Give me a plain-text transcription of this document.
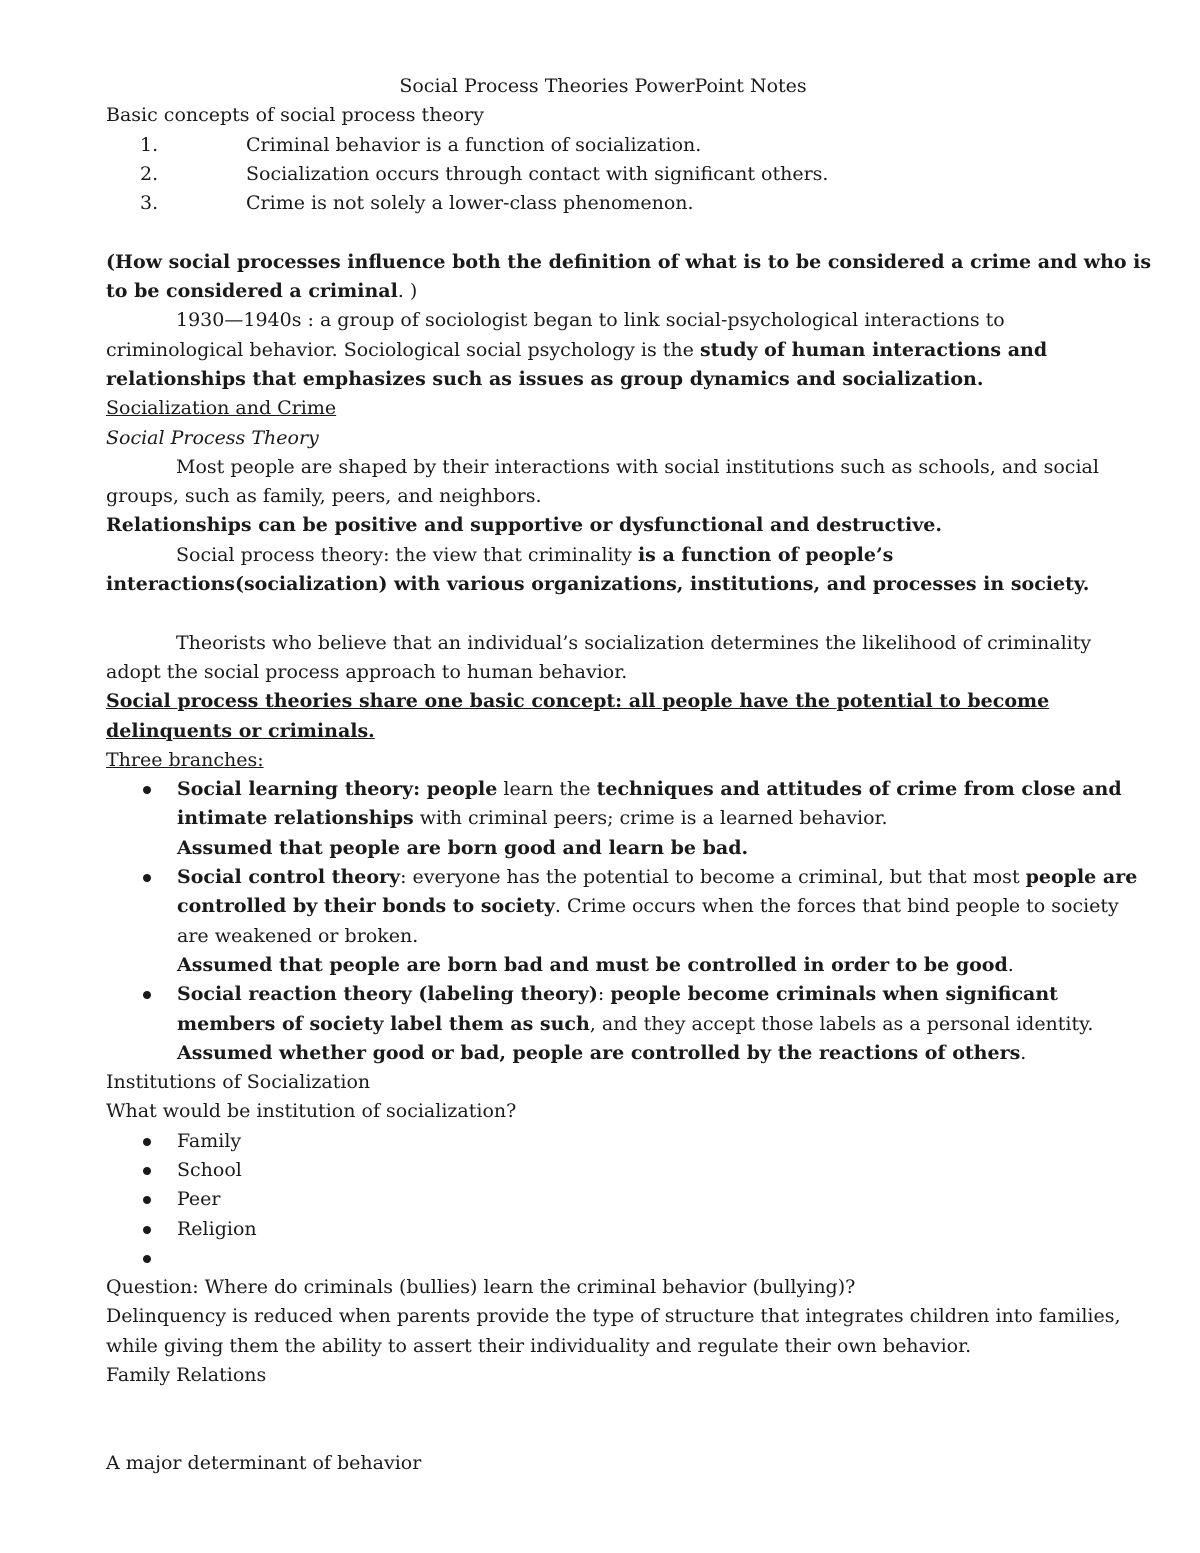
Social Process Theories PowerPoint Notes
Basic concepts of social process theory
1.	Criminal behavior is a function of socialization.
2.	Socialization occurs through contact with significant others.
3.	Crime is not solely a lower-class phenomenon.
(How social processes influence both the definition of what is to be considered a crime and who is
to be considered a criminal. )
1930—1940s : a group of sociologist began to link social-psychological interactions to
criminological behavior. Sociological social psychology is the study of human interactions and
relationships that emphasizes such as issues as group dynamics and socialization.
Socialization and Crime
Social Process Theory
Most people are shaped by their interactions with social institutions such as schools, and social
groups, such as family, peers, and neighbors.
Relationships can be positive and supportive or dysfunctional and destructive.
Social process theory: the view that criminality is a function of people’s
interactions(socialization) with various organizations, institutions, and processes in society.
Theorists who believe that an individual’s socialization determines the likelihood of criminality
adopt the social process approach to human behavior.
Social process theories share one basic concept: all people have the potential to become
delinquents or criminals.
Three branches:
Social learning theory: people learn the techniques and attitudes of crime from close and
intimate relationships with criminal peers; crime is a learned behavior.
Assumed that people are born good and learn be bad.
Social control theory: everyone has the potential to become a criminal, but that most people are
controlled by their bonds to society. Crime occurs when the forces that bind people to society
are weakened or broken.
Assumed that people are born bad and must be controlled in order to be good.
Social reaction theory (labeling theory): people become criminals when significant
members of society label them as such, and they accept those labels as a personal identity.
Assumed whether good or bad, people are controlled by the reactions of others.
Institutions of Socialization
What would be institution of socialization?
Family
School
Peer
Religion
Question: Where do criminals (bullies) learn the criminal behavior (bullying)?
Delinquency is reduced when parents provide the type of structure that integrates children into families,
while giving them the ability to assert their individuality and regulate their own behavior.
Family Relations
A major determinant of behavior
